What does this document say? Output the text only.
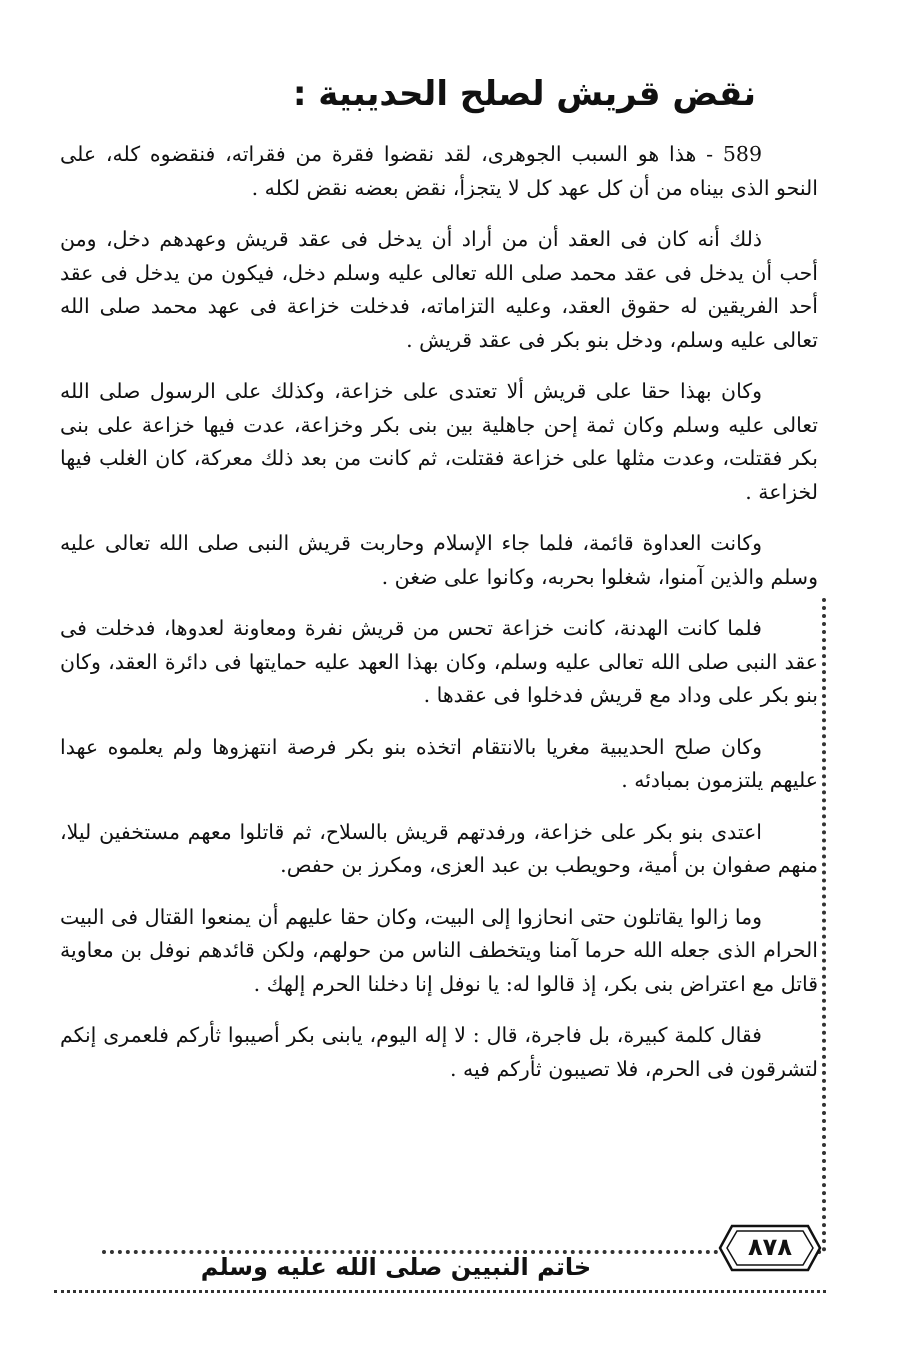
نقض قريش لصلح الحديبية :

589 - هذا هو السبب الجوهرى، لقد نقضوا فقرة من فقراته، فنقضوه كله، على النحو الذى بيناه من أن كل عهد كل لا يتجزأ، نقض بعضه نقض لكله .

ذلك أنه كان فى العقد أن من أراد أن يدخل فى عقد قريش وعهدهم دخل، ومن أحب أن يدخل فى عقد محمد صلى الله تعالى عليه وسلم دخل، فيكون من يدخل فى عقد أحد الفريقين له حقوق العقد، وعليه التزاماته، فدخلت خزاعة فى عهد محمد صلى الله تعالى عليه وسلم، ودخل بنو بكر فى عقد قريش .

وكان بهذا حقا على قريش ألا تعتدى على خزاعة، وكذلك على الرسول صلى الله تعالى عليه وسلم وكان ثمة إحن جاهلية بين بنى بكر وخزاعة، عدت فيها خزاعة على بنى بكر فقتلت، وعدت مثلها على خزاعة فقتلت، ثم كانت من بعد ذلك معركة، كان الغلب فيها لخزاعة .

وكانت العداوة قائمة، فلما جاء الإسلام وحاربت قريش النبى صلى الله تعالى عليه وسلم والذين آمنوا، شغلوا بحربه، وكانوا على ضغن .

فلما كانت الهدنة، كانت خزاعة تحس من قريش نفرة ومعاونة لعدوها، فدخلت فى عقد النبى صلى الله تعالى عليه وسلم، وكان بهذا العهد عليه حمايتها فى دائرة العقد، وكان بنو بكر على وداد مع قريش فدخلوا فى عقدها .

وكان صلح الحديبية مغريا بالانتقام اتخذه بنو بكر فرصة انتهزوها ولم يعلموه عهدا عليهم يلتزمون بمبادئه .

اعتدى بنو بكر على خزاعة، ورفدتهم قريش بالسلاح، ثم قاتلوا معهم مستخفين ليلا، منهم صفوان بن أمية، وحويطب بن عبد العزى، ومكرز بن حفص.

وما زالوا يقاتلون حتى انحازوا إلى البيت، وكان حقا عليهم أن يمنعوا القتال فى البيت الحرام الذى جعله الله حرما آمنا ويتخطف الناس من حولهم، ولكن قائدهم نوفل بن معاوية قاتل مع اعتراض بنى بكر، إذ قالوا له: يا نوفل إنا دخلنا الحرم إلهك .

فقال كلمة كبيرة، بل فاجرة، قال : لا إله اليوم، يابنى بكر أصيبوا ثأركم فلعمرى إنكم لتشرقون فى الحرم، فلا تصيبون ثأركم فيه .

٨٧٨
خاتم النبيين صلى الله عليه وسلم
